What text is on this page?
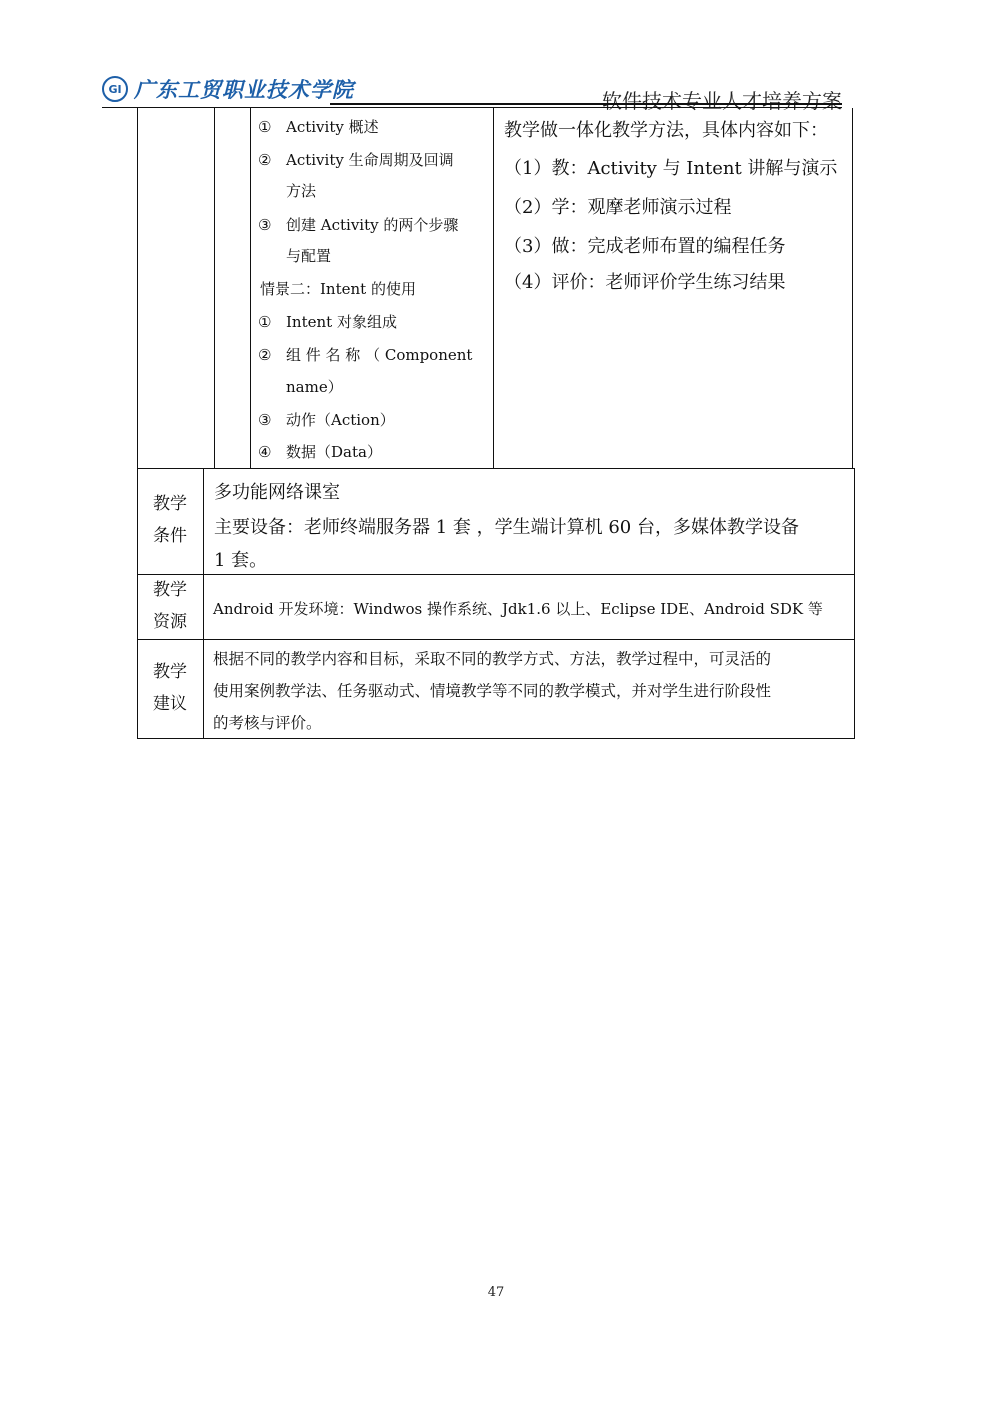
GI 广东工贸职业技术学院	软件技术专业人才培养方案
① Activity 概述
② Activity 生命周期及回调
方法
③ 创建 Activity 的两个步骤
与配置
情景二：Intent 的使用
① Intent 对象组成
② 组 件 名 称 （ Component
name）
③ 动作（Action）
④ 数据（Data）
教学做一体化教学方法，具体内容如下：
（1）教：Activity 与 Intent 讲解与演示
（2）学：观摩老师演示过程
（3）做：完成老师布置的编程任务
（4）评价：老师评价学生练习结果
教学
条件
多功能网络课室
主要设备：老师终端服务器 1 套 ，学生端计算机 60 台，多媒体教学设备
1 套。
教学
资源
Android 开发环境：Windwos 操作系统、Jdk1.6 以上、Eclipse IDE、Android SDK 等
教学
建议
根据不同的教学内容和目标，采取不同的教学方式、方法，教学过程中，可灵活的
使用案例教学法、任务驱动式、情境教学等不同的教学模式，并对学生进行阶段性
的考核与评价。
47
